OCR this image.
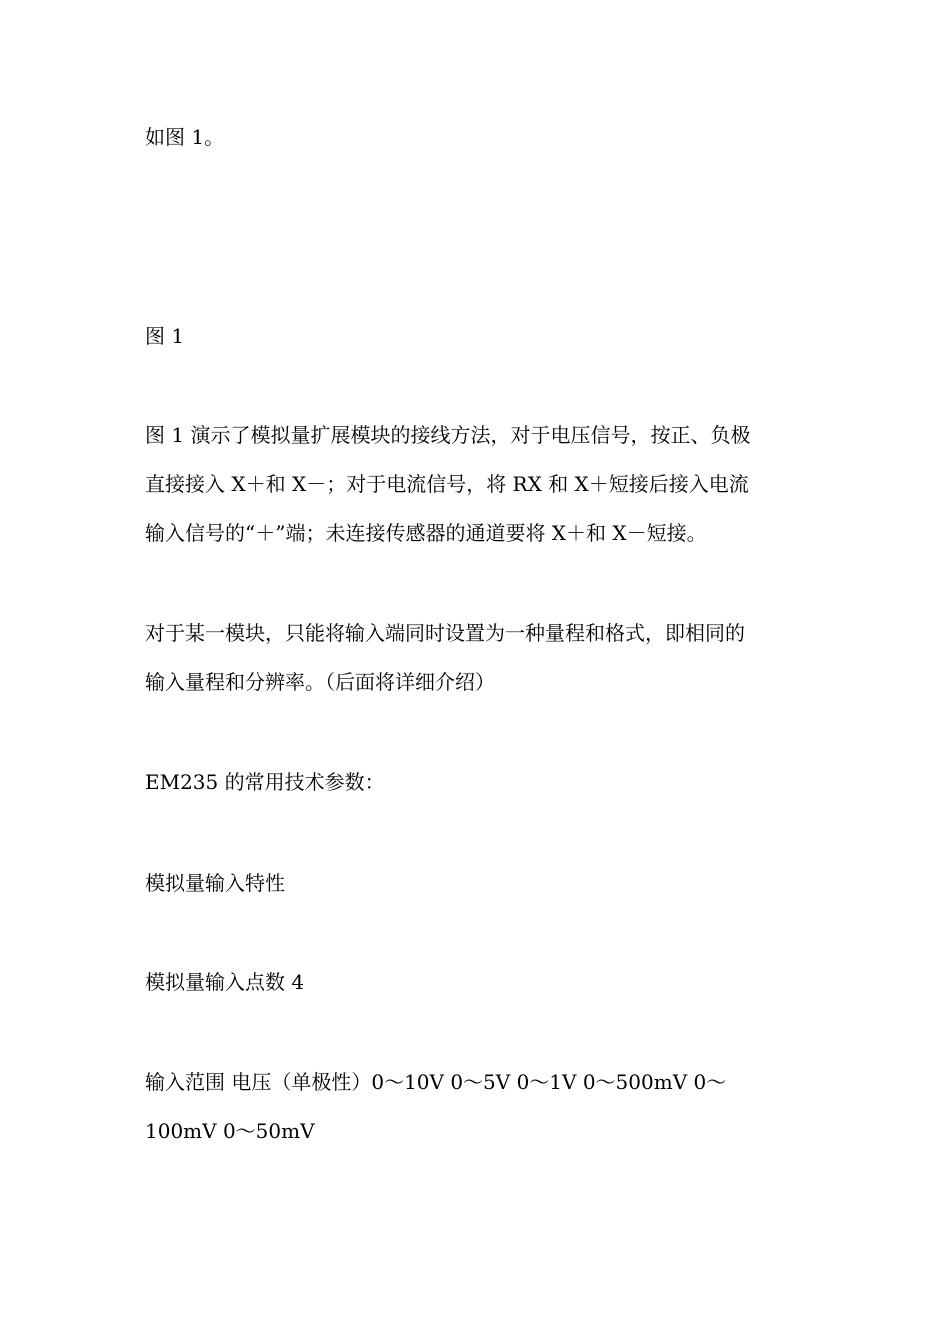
如图 1。
图 1
图 1 演示了模拟量扩展模块的接线方法，对于电压信号，按正、负极
直接接入 X＋和 X－；对于电流信号，将 RX 和 X＋短接后接入电流
输入信号的“＋”端；未连接传感器的通道要将 X＋和 X－短接。
对于某一模块，只能将输入端同时设置为一种量程和格式，即相同的
输入量程和分辨率。（后面将详细介绍）
EM235 的常用技术参数：
模拟量输入特性
模拟量输入点数 4
输入范围 电压（单极性）0～10V 0～5V 0～1V 0～500mV 0～
100mV 0～50mV
